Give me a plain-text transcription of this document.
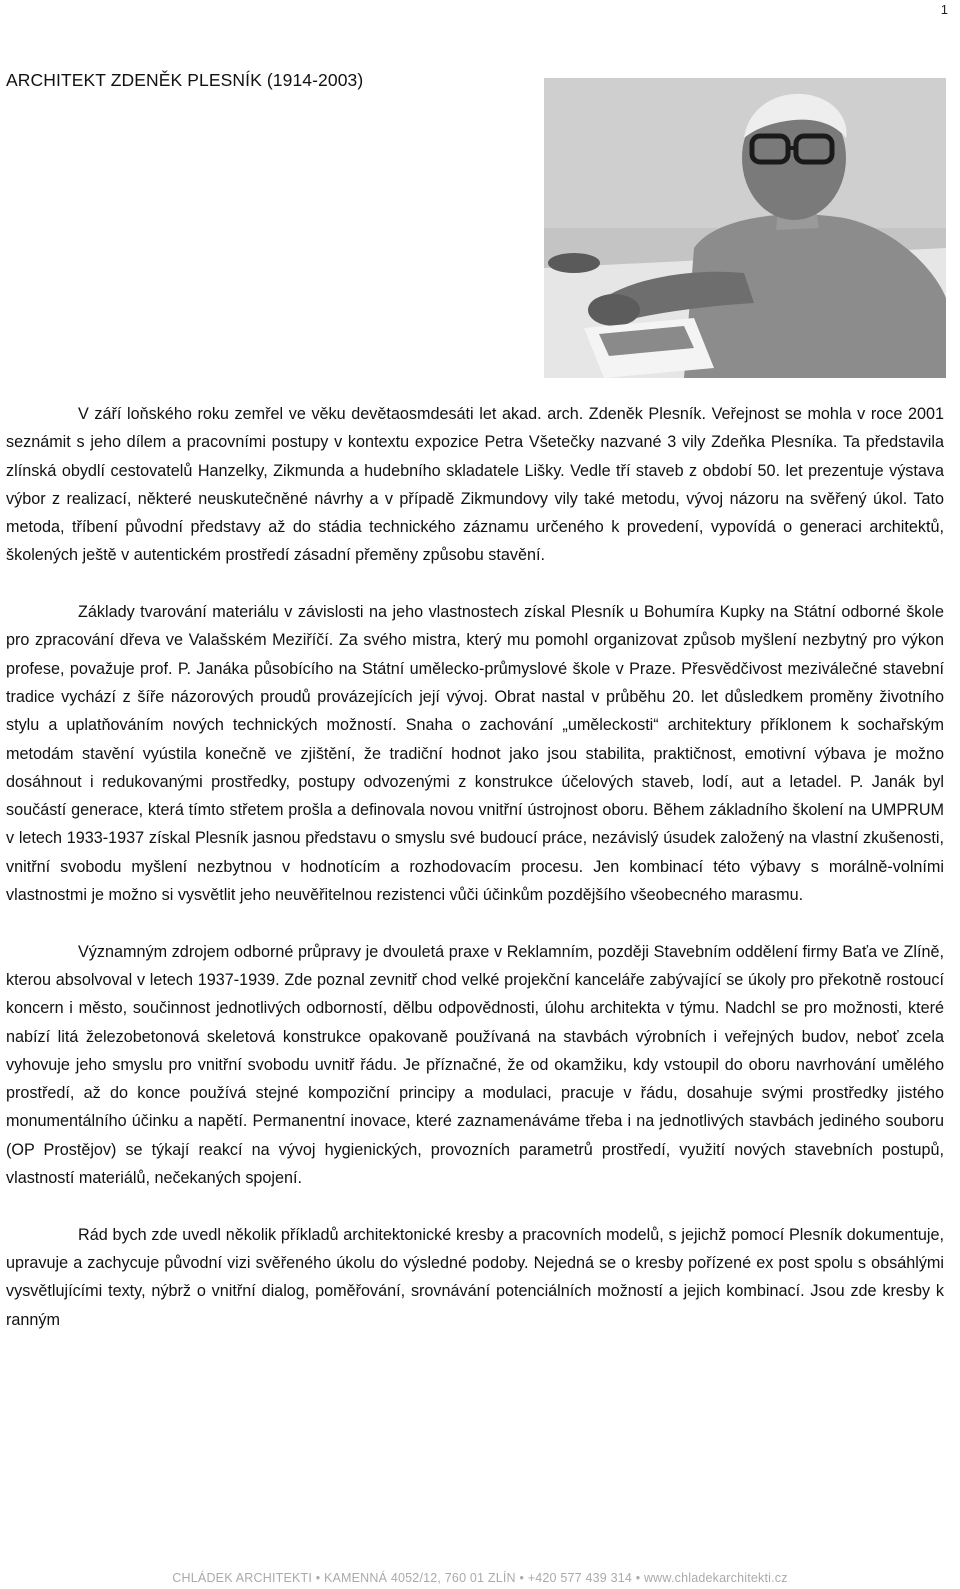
1
ARCHITEKT ZDENĚK PLESNÍK (1914-2003)

V září loňského roku zemřel ve věku devětaosmdesáti let akad. arch. Zdeněk Plesník. Veřejnost se mohla v roce 2001 seznámit s jeho dílem a pracovními postupy v kontextu expozice Petra Všetečky nazvané 3 vily Zdeňka Plesníka. Ta představila zlínská obydlí cestovatelů Hanzelky, Zikmunda a hudebního skladatele Lišky. Vedle tří staveb z období 50. let prezentuje výstava výbor z realizací, některé neuskutečněné návrhy a v případě Zikmundovy vily také metodu, vývoj názoru na svěřený úkol. Tato metoda, tříbení původní představy až do stádia technického záznamu určeného k provedení, vypovídá o generaci architektů, školených ještě v autentickém prostředí zásadní přeměny způsobu stavění.

Základy tvarování materiálu v závislosti na jeho vlastnostech získal Plesník u Bohumíra Kupky na Státní odborné škole pro zpracování dřeva ve Valašském Meziříčí. Za svého mistra, který mu pomohl organizovat způsob myšlení nezbytný pro výkon profese, považuje prof. P. Janáka působícího na Státní umělecko-průmyslové škole v Praze. Přesvědčivost meziválečné stavební tradice vychází z šíře názorových proudů provázejících její vývoj. Obrat nastal v průběhu 20. let důsledkem proměny životního stylu a uplatňováním nových technických možností. Snaha o zachování „uměleckosti“ architektury příklonem k sochařským metodám stavění vyústila konečně ve zjištění, že tradiční hodnot jako jsou stabilita, praktičnost, emotivní výbava je možno dosáhnout i redukovanými prostředky, postupy odvozenými z konstrukce účelových staveb, lodí, aut a letadel. P. Janák byl součástí generace, která tímto střetem prošla a definovala novou vnitřní ústrojnost oboru. Během základního školení na UMPRUM v letech 1933-1937 získal Plesník jasnou představu o smyslu své budoucí práce, nezávislý úsudek založený na vlastní zkušenosti, vnitřní svobodu myšlení nezbytnou v hodnotícím a rozhodovacím procesu. Jen kombinací této výbavy s morálně-volními vlastnostmi je možno si vysvětlit jeho neuvěřitelnou rezistenci vůči účinkům pozdějšího všeobecného marasmu.

Významným zdrojem odborné průpravy je dvouletá praxe v Reklamním, později Stavebním oddělení firmy Baťa ve Zlíně, kterou absolvoval v letech 1937-1939. Zde poznal zevnitř chod velké projekční kanceláře zabývající se úkoly pro překotně rostoucí koncern i město, součinnost jednotlivých odborností, dělbu odpovědnosti, úlohu architekta v týmu. Nadchl se pro možnosti, které nabízí litá železobetonová skeletová konstrukce opakovaně používaná na stavbách výrobních i veřejných budov, neboť zcela vyhovuje jeho smyslu pro vnitřní svobodu uvnitř řádu. Je příznačné, že od okamžiku, kdy vstoupil do oboru navrhování umělého prostředí, až do konce používá stejné kompoziční principy a modulaci, pracuje v řádu, dosahuje svými prostředky jistého monumentálního účinku a napětí. Permanentní inovace, které zaznamenáváme třeba i na jednotlivých stavbách jediného souboru (OP Prostějov) se týkají reakcí na vývoj hygienických, provozních parametrů prostředí, využití nových stavebních postupů, vlastností materiálů, nečekaných spojení.

Rád bych zde uvedl několik příkladů architektonické kresby a pracovních modelů, s jejichž pomocí Plesník dokumentuje, upravuje a zachycuje původní vizi svěřeného úkolu do výsledné podoby. Nejedná se o kresby pořízené ex post spolu s obsáhlými vysvětlujícími texty, nýbrž o vnitřní dialog, poměřování, srovnávání potenciálních možností a jejich kombinací. Jsou zde kresby k ranným

CHLÁDEK ARCHITEKTI • KAMENNÁ 4052/12, 760 01 ZLÍN • +420 577 439 314 • www.chladekarchitekti.cz
